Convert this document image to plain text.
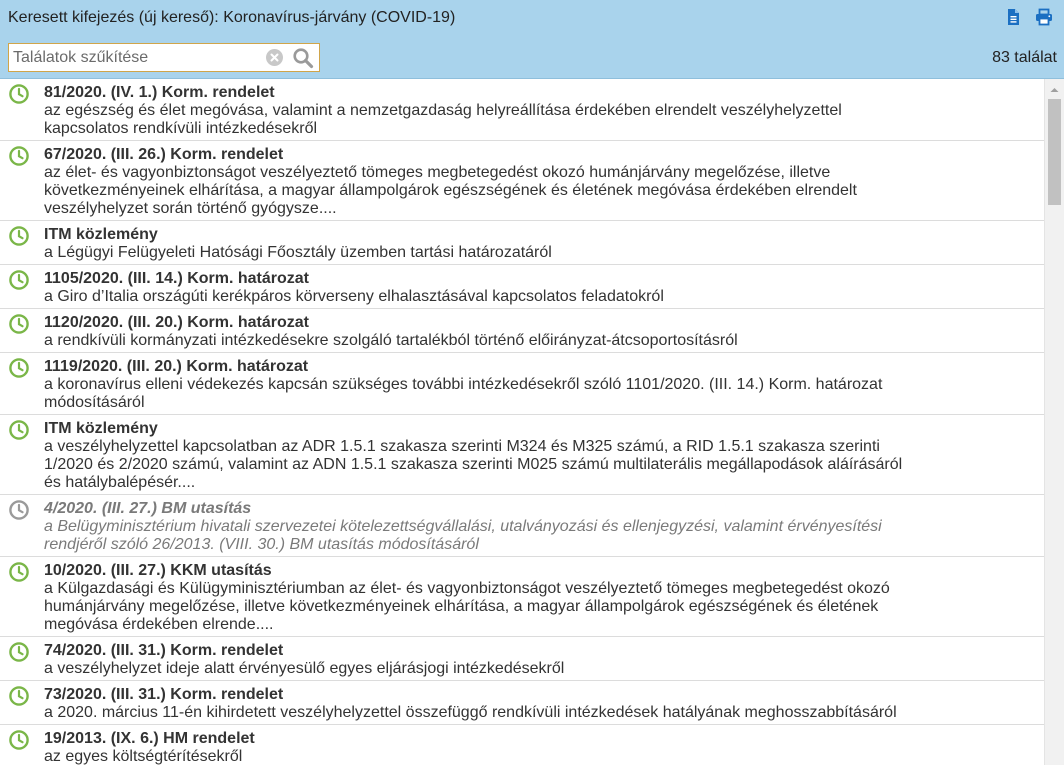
Keresett kifejezés (új kereső): Koronavírus-járvány (COVID-19)
Találatok szűkítése
83 találat
81/2020. (IV. 1.) Korm. rendelet
az egészség és élet megóvása, valamint a nemzetgazdaság helyreállítása érdekében elrendelt veszélyhelyzettel kapcsolatos rendkívüli intézkedésekről
67/2020. (III. 26.) Korm. rendelet
az élet- és vagyonbiztonságot veszélyeztető tömeges megbetegedést okozó humánjárvány megelőzése, illetve következményeinek elhárítása, a magyar állampolgárok egészségének és életének megóvása érdekében elrendelt veszélyhelyzet során történő gyógysze....
ITM közlemény
a Légügyi Felügyeleti Hatósági Főosztály üzemben tartási határozatáról
1105/2020. (III. 14.) Korm. határozat
a Giro d’Italia országúti kerékpáros körverseny elhalasztásával kapcsolatos feladatokról
1120/2020. (III. 20.) Korm. határozat
a rendkívüli kormányzati intézkedésekre szolgáló tartalékból történő előirányzat-átcsoportosításról
1119/2020. (III. 20.) Korm. határozat
a koronavírus elleni védekezés kapcsán szükséges további intézkedésekről szóló 1101/2020. (III. 14.) Korm. határozat módosításáról
ITM közlemény
a veszélyhelyzettel kapcsolatban az ADR 1.5.1 szakasza szerinti M324 és M325 számú, a RID 1.5.1 szakasza szerinti 1/2020 és 2/2020 számú, valamint az ADN 1.5.1 szakasza szerinti M025 számú multilaterális megállapodások aláírásáról és hatálybalépésér....
4/2020. (III. 27.) BM utasítás
a Belügyminisztérium hivatali szervezetei kötelezettségvállalási, utalványozási és ellenjegyzési, valamint érvényesítési rendjéről szóló 26/2013. (VIII. 30.) BM utasítás módosításáról
10/2020. (III. 27.) KKM utasítás
a Külgazdasági és Külügyminisztériumban az élet- és vagyonbiztonságot veszélyeztető tömeges megbetegedést okozó humánjárvány megelőzése, illetve következményeinek elhárítása, a magyar állampolgárok egészségének és életének megóvása érdekében elrende....
74/2020. (III. 31.) Korm. rendelet
a veszélyhelyzet ideje alatt érvényesülő egyes eljárásjogi intézkedésekről
73/2020. (III. 31.) Korm. rendelet
a 2020. március 11-én kihirdetett veszélyhelyzettel összefüggő rendkívüli intézkedések hatályának meghosszabbításáról
19/2013. (IX. 6.) HM rendelet
az egyes költségtérítésekről
